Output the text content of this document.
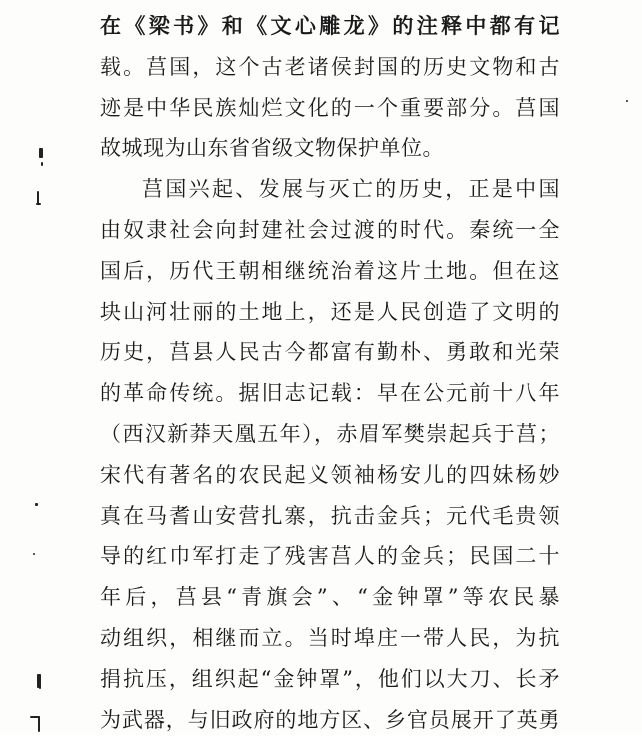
在《梁书》和《文心雕龙》的注释中都有记
载。莒国，这个古老诸侯封国的历史文物和古
迹是中华民族灿烂文化的一个重要部分。莒国
故城现为山东省省级文物保护单位。
莒国兴起、发展与灭亡的历史，正是中国
由奴隶社会向封建社会过渡的时代。秦统一全
国后，历代王朝相继统治着这片土地。但在这
块山河壮丽的土地上，还是人民创造了文明的
历史，莒县人民古今都富有勤朴、勇敢和光荣
的革命传统。据旧志记载：早在公元前十八年
（西汉新莽天凰五年），赤眉军樊崇起兵于莒；
宋代有著名的农民起义领袖杨安儿的四妹杨妙
真在马耆山安营扎寨，抗击金兵；元代毛贵领
导的红巾军打走了残害莒人的金兵；民国二十
年后，莒县“青旗会”、“金钟罩”等农民暴
动组织，相继而立。当时埠庄一带人民，为抗
捐抗压，组织起“金钟罩”，他们以大刀、长矛
为武器，与旧政府的地方区、乡官员展开了英勇
